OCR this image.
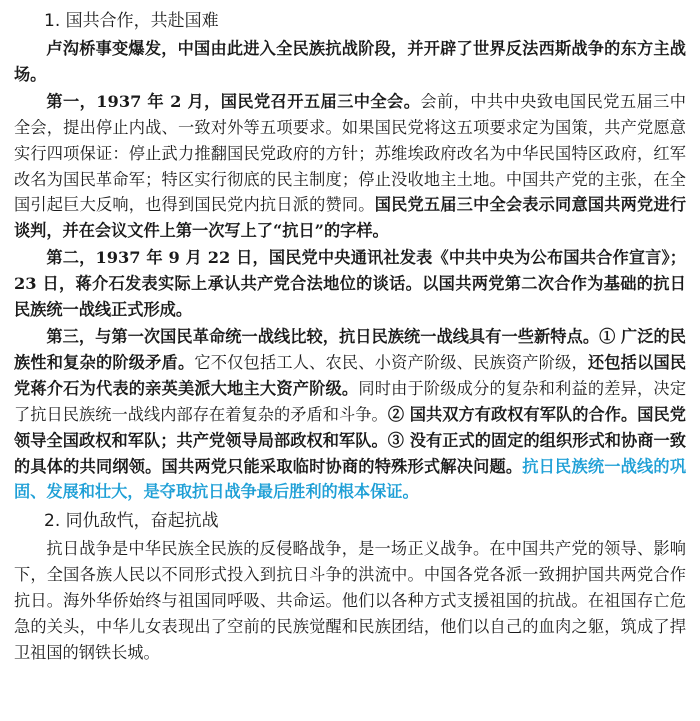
1. 国共合作，共赴国难

卢沟桥事变爆发，中国由此进入全民族抗战阶段，并开辟了世界反法西斯战争的东方主战场。

第一，1937 年 2 月，国民党召开五届三中全会。会前，中共中央致电国民党五届三中全会，提出停止内战、一致对外等五项要求。如果国民党将这五项要求定为国策，共产党愿意实行四项保证：停止武力推翻国民党政府的方针；苏维埃政府改名为中华民国特区政府，红军改名为国民革命军；特区实行彻底的民主制度；停止没收地主土地。中国共产党的主张，在全国引起巨大反响，也得到国民党内抗日派的赞同。国民党五届三中全会表示同意国共两党进行谈判，并在会议文件上第一次写上了“抗日”的字样。

第二，1937 年 9 月 22 日，国民党中央通讯社发表《中共中央为公布国共合作宣言》；23 日，蒋介石发表实际上承认共产党合法地位的谈话。以国共两党第二次合作为基础的抗日民族统一战线正式形成。

第三，与第一次国民革命统一战线比较，抗日民族统一战线具有一些新特点。① 广泛的民族性和复杂的阶级矛盾。它不仅包括工人、农民、小资产阶级、民族资产阶级，还包括以国民党蒋介石为代表的亲英美派大地主大资产阶级。同时由于阶级成分的复杂和利益的差异，决定了抗日民族统一战线内部存在着复杂的矛盾和斗争。② 国共双方有政权有军队的合作。国民党领导全国政权和军队；共产党领导局部政权和军队。③ 没有正式的固定的组织形式和协商一致的具体的共同纲领。国共两党只能采取临时协商的特殊形式解决问题。抗日民族统一战线的巩固、发展和壮大，是夺取抗日战争最后胜利的根本保证。

2. 同仇敌忾，奋起抗战

抗日战争是中华民族全民族的反侵略战争，是一场正义战争。在中国共产党的领导、影响下，全国各族人民以不同形式投入到抗日斗争的洪流中。中国各党各派一致拥护国共两党合作抗日。海外华侨始终与祖国同呼吸、共命运。他们以各种方式支援祖国的抗战。在祖国存亡危急的关头，中华儿女表现出了空前的民族觉醒和民族团结，他们以自己的血肉之躯，筑成了捍卫祖国的钢铁长城。
